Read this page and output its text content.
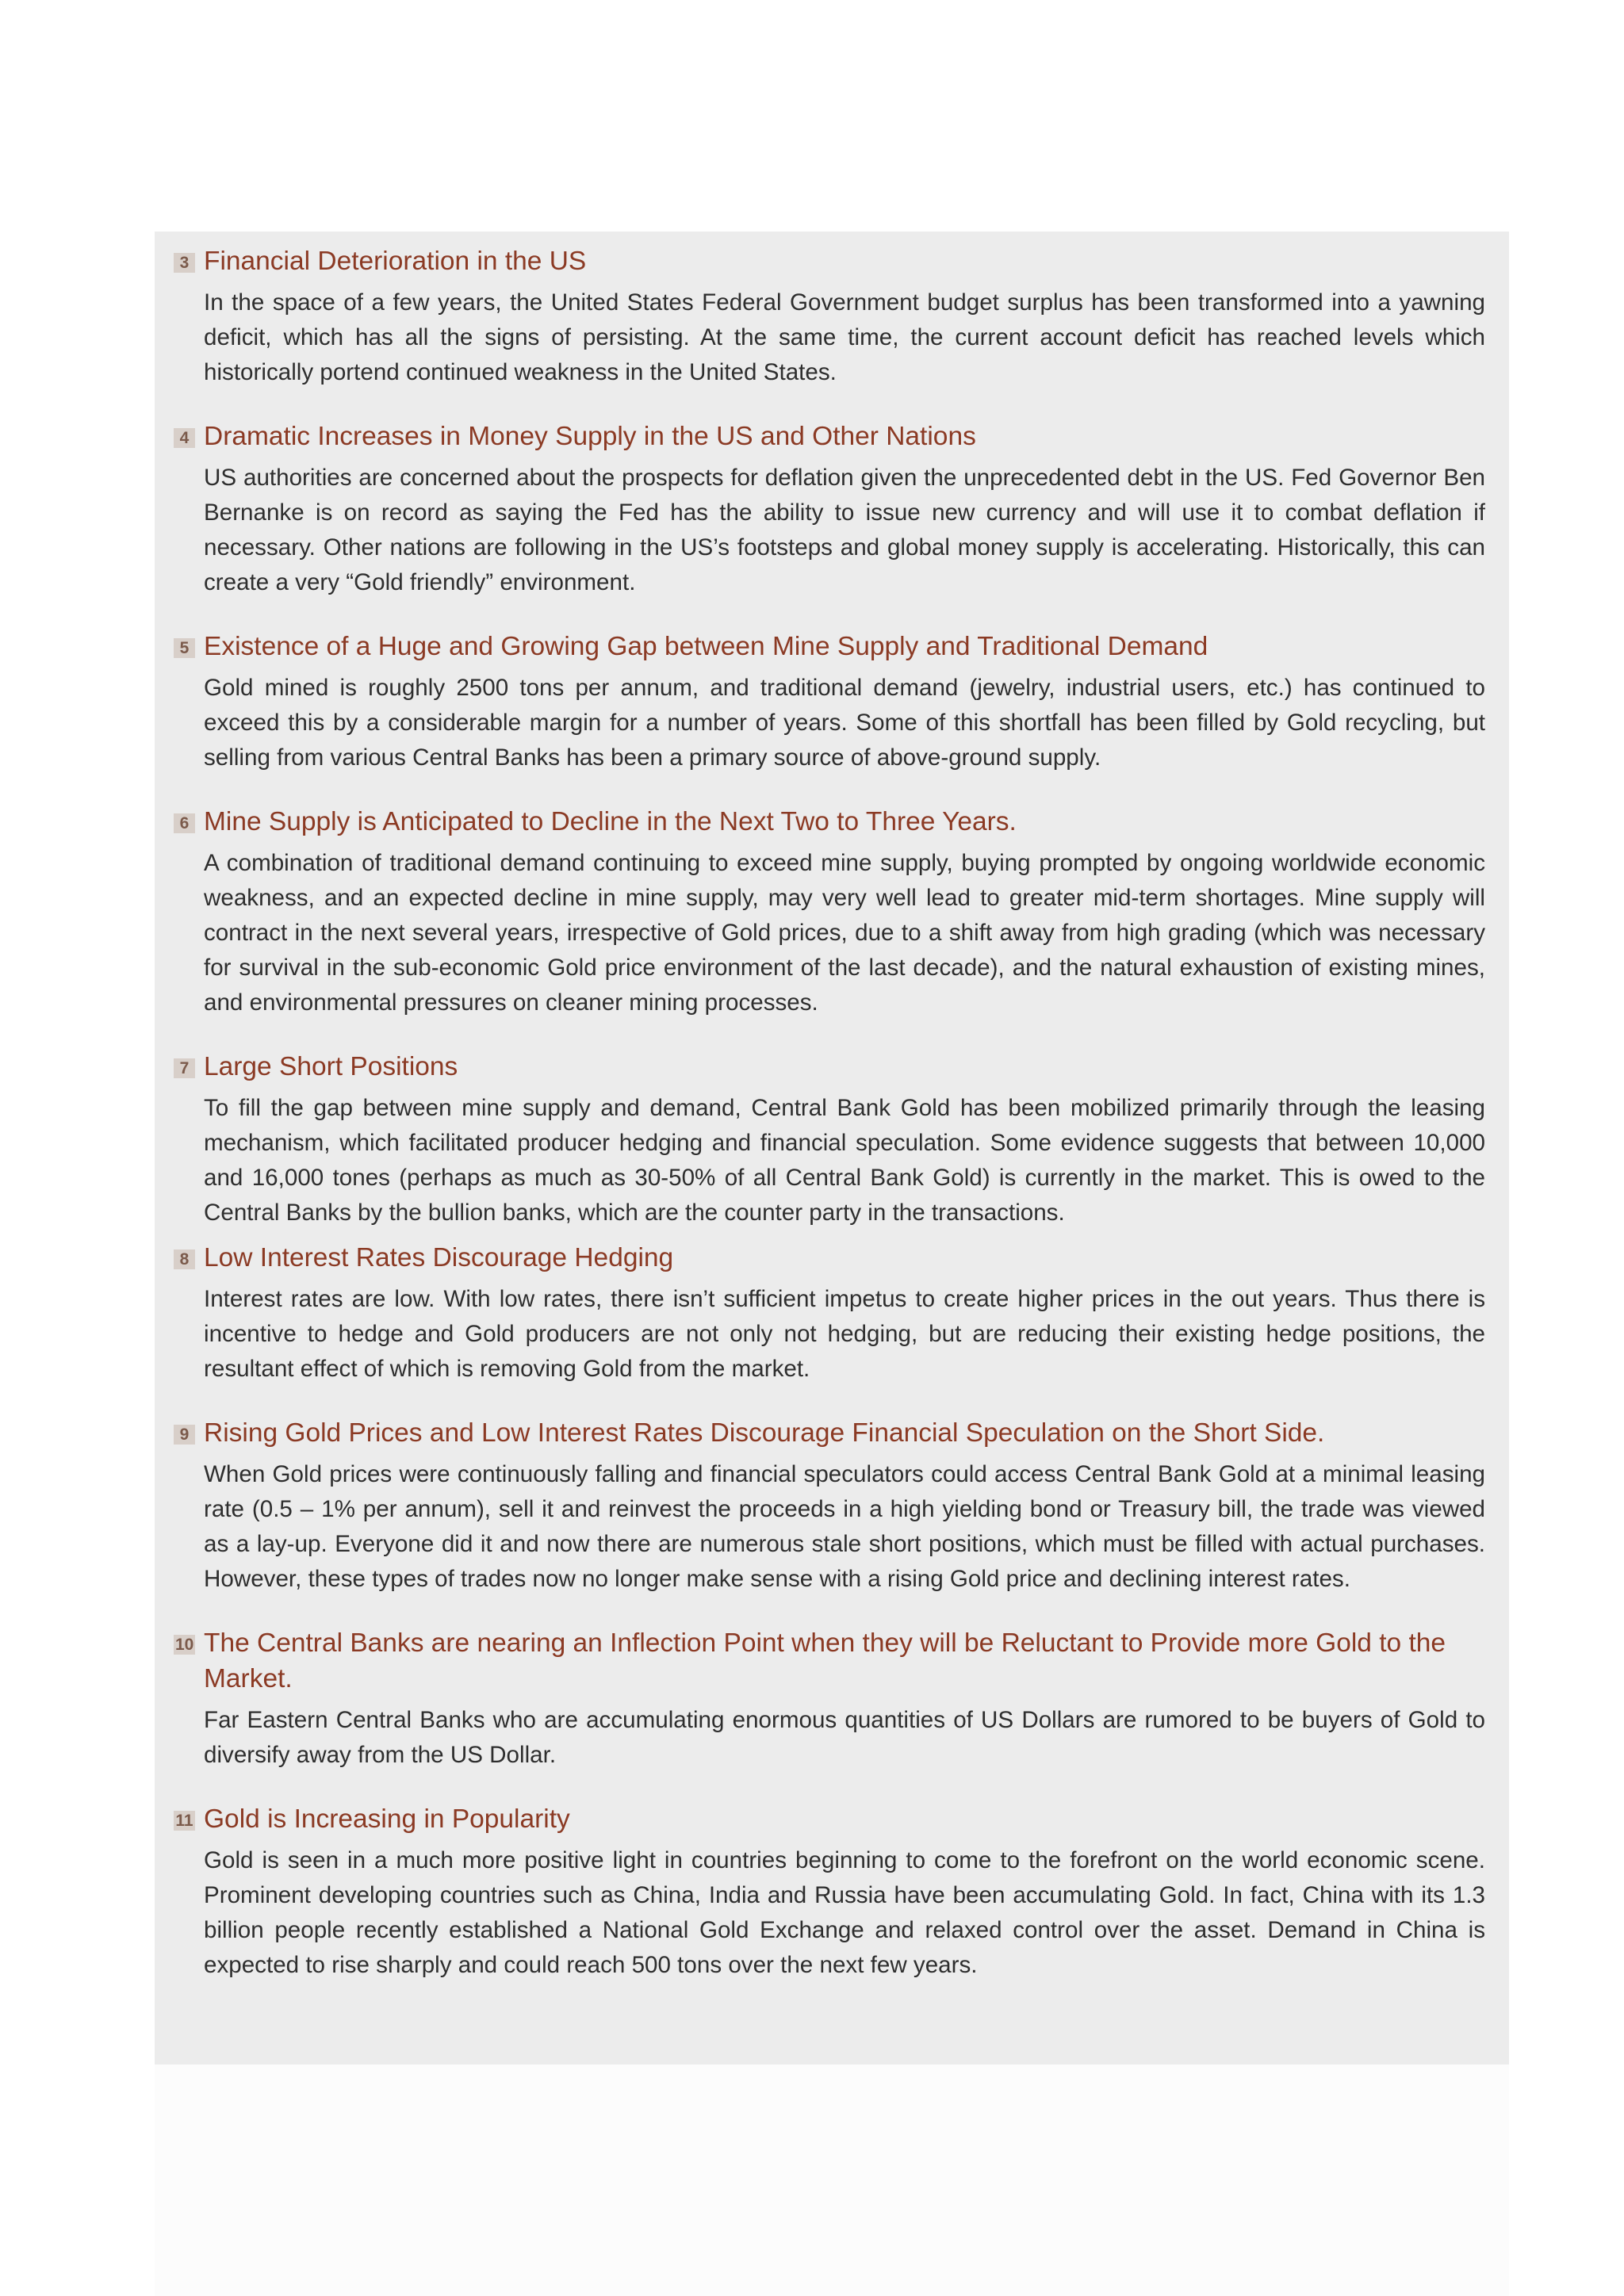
3 Financial Deterioration in the US

In the space of a few years, the United States Federal Government budget surplus has been transformed into a yawning deficit, which has all the signs of persisting. At the same time, the current account deficit has reached levels which historically portend continued weakness in the United States.

4 Dramatic Increases in Money Supply in the US and Other Nations

US authorities are concerned about the prospects for deflation given the unprecedented debt in the US. Fed Governor Ben Bernanke is on record as saying the Fed has the ability to issue new currency and will use it to combat deflation if necessary. Other nations are following in the US’s footsteps and global money supply is accelerating. Historically, this can create a very “Gold friendly” environment.

5 Existence of a Huge and Growing Gap between Mine Supply and Traditional Demand

Gold mined is roughly 2500 tons per annum, and traditional demand (jewelry, industrial users, etc.) has continued to exceed this by a considerable margin for a number of years. Some of this shortfall has been filled by Gold recycling, but selling from various Central Banks has been a primary source of above-ground supply.

6 Mine Supply is Anticipated to Decline in the Next Two to Three Years.

A combination of traditional demand continuing to exceed mine supply, buying prompted by ongoing worldwide economic weakness, and an expected decline in mine supply, may very well lead to greater mid-term shortages. Mine supply will contract in the next several years, irrespective of Gold prices, due to a shift away from high grading (which was necessary for survival in the sub-economic Gold price environment of the last decade), and the natural exhaustion of existing mines, and environmental pressures on cleaner mining processes.

7 Large Short Positions

To fill the gap between mine supply and demand, Central Bank Gold has been mobilized primarily through the leasing mechanism, which facilitated producer hedging and financial speculation. Some evidence suggests that between 10,000 and 16,000 tones (perhaps as much as 30-50% of all Central Bank Gold) is currently in the market. This is owed to the Central Banks by the bullion banks, which are the counter party in the transactions.

8 Low Interest Rates Discourage Hedging

Interest rates are low. With low rates, there isn’t sufficient impetus to create higher prices in the out years. Thus there is incentive to hedge and Gold producers are not only not hedging, but are reducing their existing hedge positions, the resultant effect of which is removing Gold from the market.

9 Rising Gold Prices and Low Interest Rates Discourage Financial Speculation on the Short Side.

When Gold prices were continuously falling and financial speculators could access Central Bank Gold at a minimal leasing rate (0.5 – 1% per annum), sell it and reinvest the proceeds in a high yielding bond or Treasury bill, the trade was viewed as a lay-up. Everyone did it and now there are numerous stale short positions, which must be filled with actual purchases. However, these types of trades now no longer make sense with a rising Gold price and declining interest rates.

10 The Central Banks are nearing an Inflection Point when they will be Reluctant to Provide more Gold to the Market.

Far Eastern Central Banks who are accumulating enormous quantities of US Dollars are rumored to be buyers of Gold to diversify away from the US Dollar.

11 Gold is Increasing in Popularity

Gold is seen in a much more positive light in countries beginning to come to the forefront on the world economic scene. Prominent developing countries such as China, India and Russia have been accumulating Gold. In fact, China with its 1.3 billion people recently established a National Gold Exchange and relaxed control over the asset. Demand in China is expected to rise sharply and could reach 500 tons over the next few years.
